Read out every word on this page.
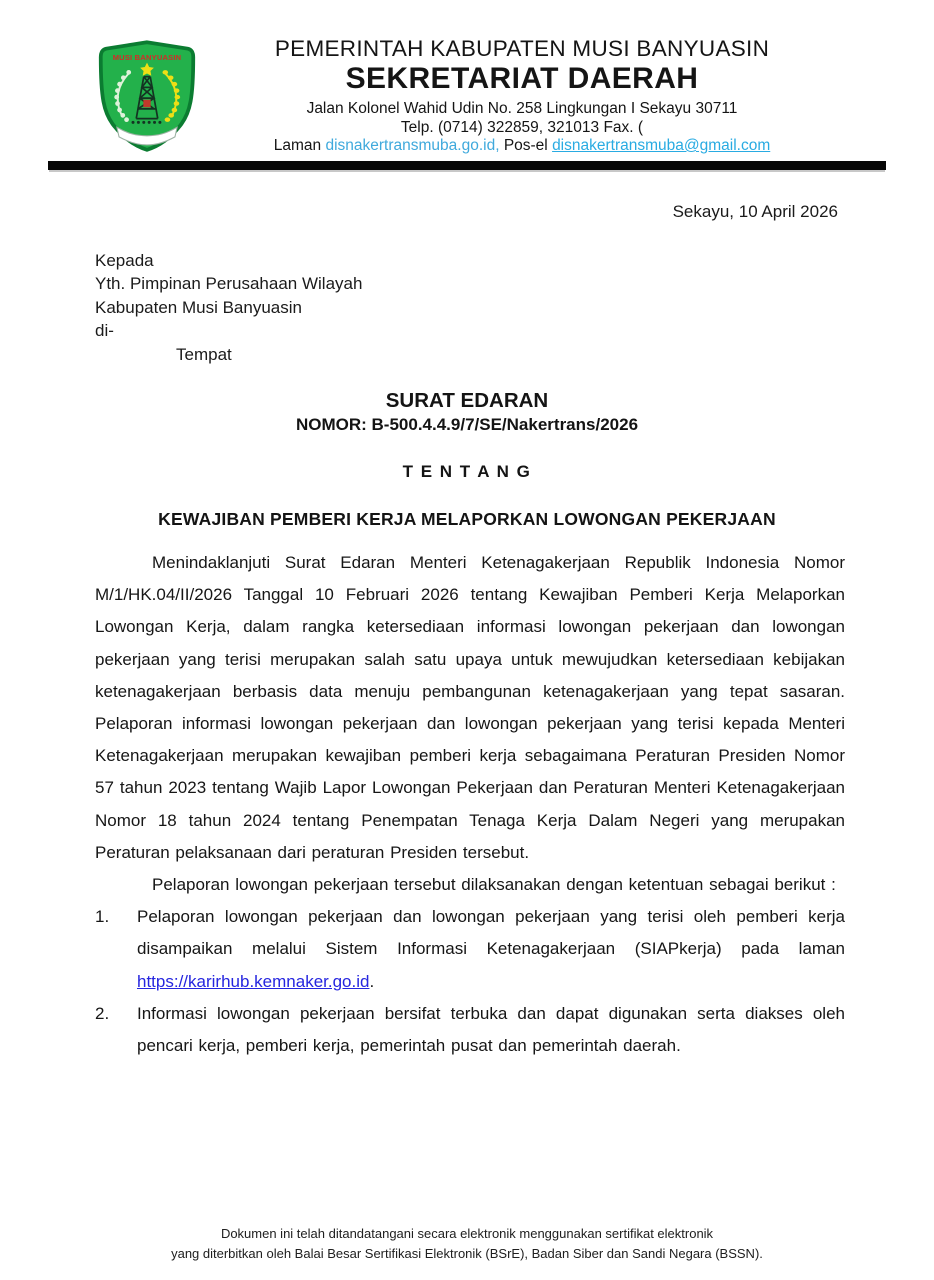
MUSI BANYUASIN	PEMERINTAH KABUPATEN MUSI BANYUASIN
SEKRETARIAT DAERAH
Jalan Kolonel Wahid Udin No. 258 Lingkungan I Sekayu 30711
Telp. (0714) 322859, 321013 Fax. (
Laman disnakertransmuba.go.id, Pos-el disnakertransmuba@gmail.com
Sekayu, 10 April 2026
Kepada
Yth. Pimpinan Perusahaan Wilayah
Kabupaten Musi Banyuasin
di-
Tempat
SURAT EDARAN
NOMOR: B-500.4.4.9/7/SE/Nakertrans/2026
T E N T A N G
KEWAJIBAN PEMBERI KERJA MELAPORKAN LOWONGAN PEKERJAAN

Menindaklanjuti Surat Edaran Menteri Ketenagakerjaan Republik Indonesia Nomor M/1/HK.04/II/2026 Tanggal 10 Februari 2026 tentang Kewajiban Pemberi Kerja Melaporkan Lowongan Kerja, dalam rangka ketersediaan informasi lowongan pekerjaan dan lowongan pekerjaan yang terisi merupakan salah satu upaya untuk mewujudkan ketersediaan kebijakan ketenagakerjaan berbasis data menuju pembangunan ketenagakerjaan yang tepat sasaran. Pelaporan informasi lowongan pekerjaan dan lowongan pekerjaan yang terisi kepada Menteri Ketenagakerjaan merupakan kewajiban pemberi kerja sebagaimana Peraturan Presiden Nomor 57 tahun 2023 tentang Wajib Lapor Lowongan Pekerjaan dan Peraturan Menteri Ketenagakerjaan Nomor 18 tahun 2024 tentang Penempatan Tenaga Kerja Dalam Negeri yang merupakan Peraturan pelaksanaan dari peraturan Presiden tersebut.

Pelaporan lowongan pekerjaan tersebut dilaksanakan dengan ketentuan sebagai berikut :

1.	Pelaporan lowongan pekerjaan dan lowongan pekerjaan yang terisi oleh pemberi kerja disampaikan melalui Sistem Informasi Ketenagakerjaan (SIAPkerja) pada laman https://karirhub.kemnaker.go.id.
2.	Informasi lowongan pekerjaan bersifat terbuka dan dapat digunakan serta diakses oleh pencari kerja, pemberi kerja, pemerintah pusat dan pemerintah daerah.
Dokumen ini telah ditandatangani secara elektronik menggunakan sertifikat elektronik
yang diterbitkan oleh Balai Besar Sertifikasi Elektronik (BSrE), Badan Siber dan Sandi Negara (BSSN).
